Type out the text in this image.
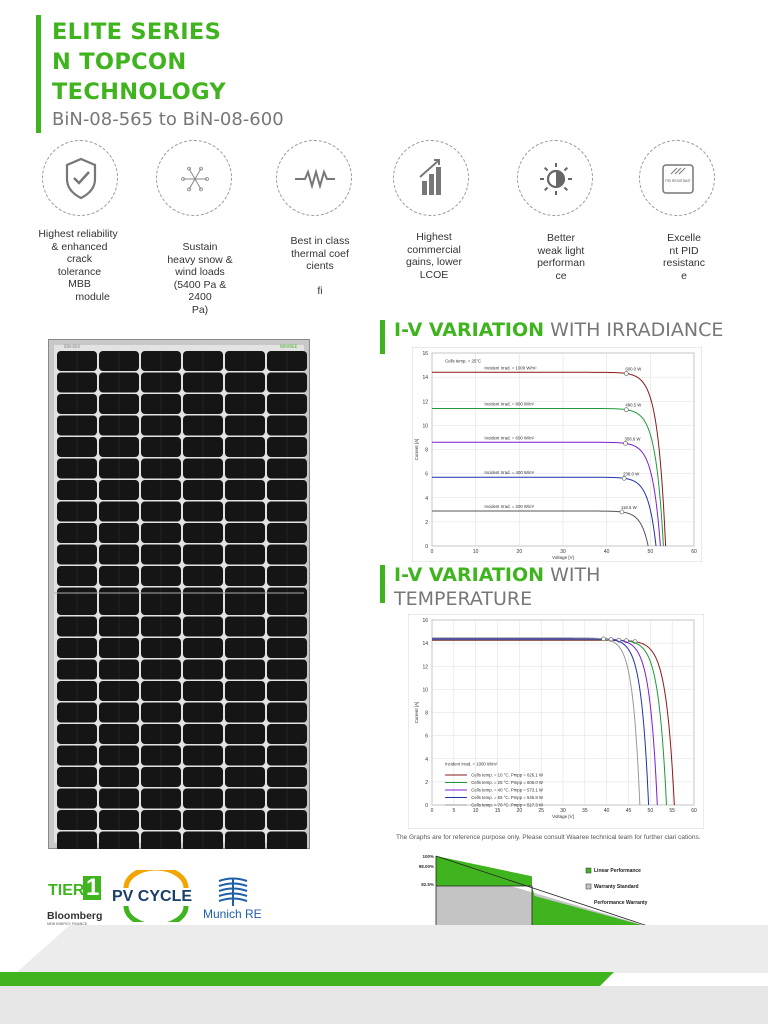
ELITE SERIES
N TOPCON
TECHNOLOGY
BiN-08-565 to BiN-08-600
Highest reliability
& enhanced
crack
tolerance
MBB
module
Sustain
heavy snow &
wind loads
(5400 Pa &
2400
Pa)
Best in class
thermal coef
cients

fi
Highest
commercial
gains, lower
LCOE
Better
weak light
performan
ce
PID RESISTANT
Excelle
nt PID
resistanc
e
BIN-600	WAAREE
I-V VARIATION WITH IRRADIANCE
0
2
4
6
8
10
12
14
16
0	10	20	30	40	50	60
Voltage [V]
Current [A]
Incident Irrad. = 1000 W/m²	600.0 W
Incident Irrad. = 800 W/m²	480.5 W
Incident Irrad. = 600 W/m²	358.6 W
Incident Irrad. = 400 W/m²	238.0 W
Incident Irrad. = 200 W/m²	118.5 W
Cells temp. = 25°C
I-V VARIATION WITH
TEMPERATURE
0
2
4
6
8
10
12
14
16
0	5	10	15	20	25	30	35	40	45	50	55	60
Voltage [V]
Current [A]
Incident Irrad. = 1000 W/m²
Cells temp. = 10 °C. Pmpp = 626.1 W
Cells temp. = 25 °C. Pmpp = 606.0 W
Cells temp. = 40 °C. Pmpp = 573.1 W
Cells temp. = 55 °C. Pmpp = 545.8 W
Cells temp. = 70 °C. Pmpp = 517.3 W
The Graphs are for reference purpose only. Please consult Waaree technical team for further clari cations.
100%
98.00%
82.5%
Linear Performance
Warranty Standard
Performance Warranty
TIER 1
Bloomberg
NEW ENERGY FINANCE
PV CYCLE
Munich RE
